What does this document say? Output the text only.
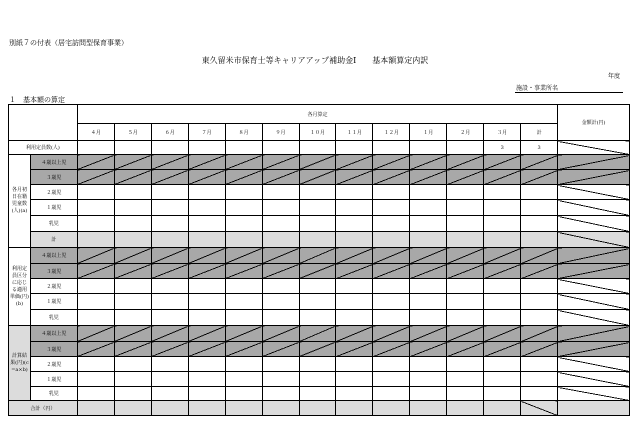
別紙７の付表（居宅訪問型保育事業）
東久留米市保育士等キャリアアップ補助金Ⅰ　　基本額算定内訳
年度
施設・事業所名
１　基本額の算定
		各月算定													金額計(円)
		４月	５月	６月	７月	８月	９月	１０月	１１月	１２月	１月	２月	３月	計	
利用定員数(人)													3	3	
各月初日在籍児童数(人)(a)	４歳以上児														
	３歳児														
	２歳児														
	１歳児														
	乳児														
	計														
利用定員区分に応じる適用単価(円)(b)	４歳以上児														
	３歳児														
	２歳児														
	１歳児														
	乳児														
計算結果(円)(c=a×b)	４歳以上児														
	３歳児														
	２歳児														
	１歳児														
	乳児														
合計（円）															
